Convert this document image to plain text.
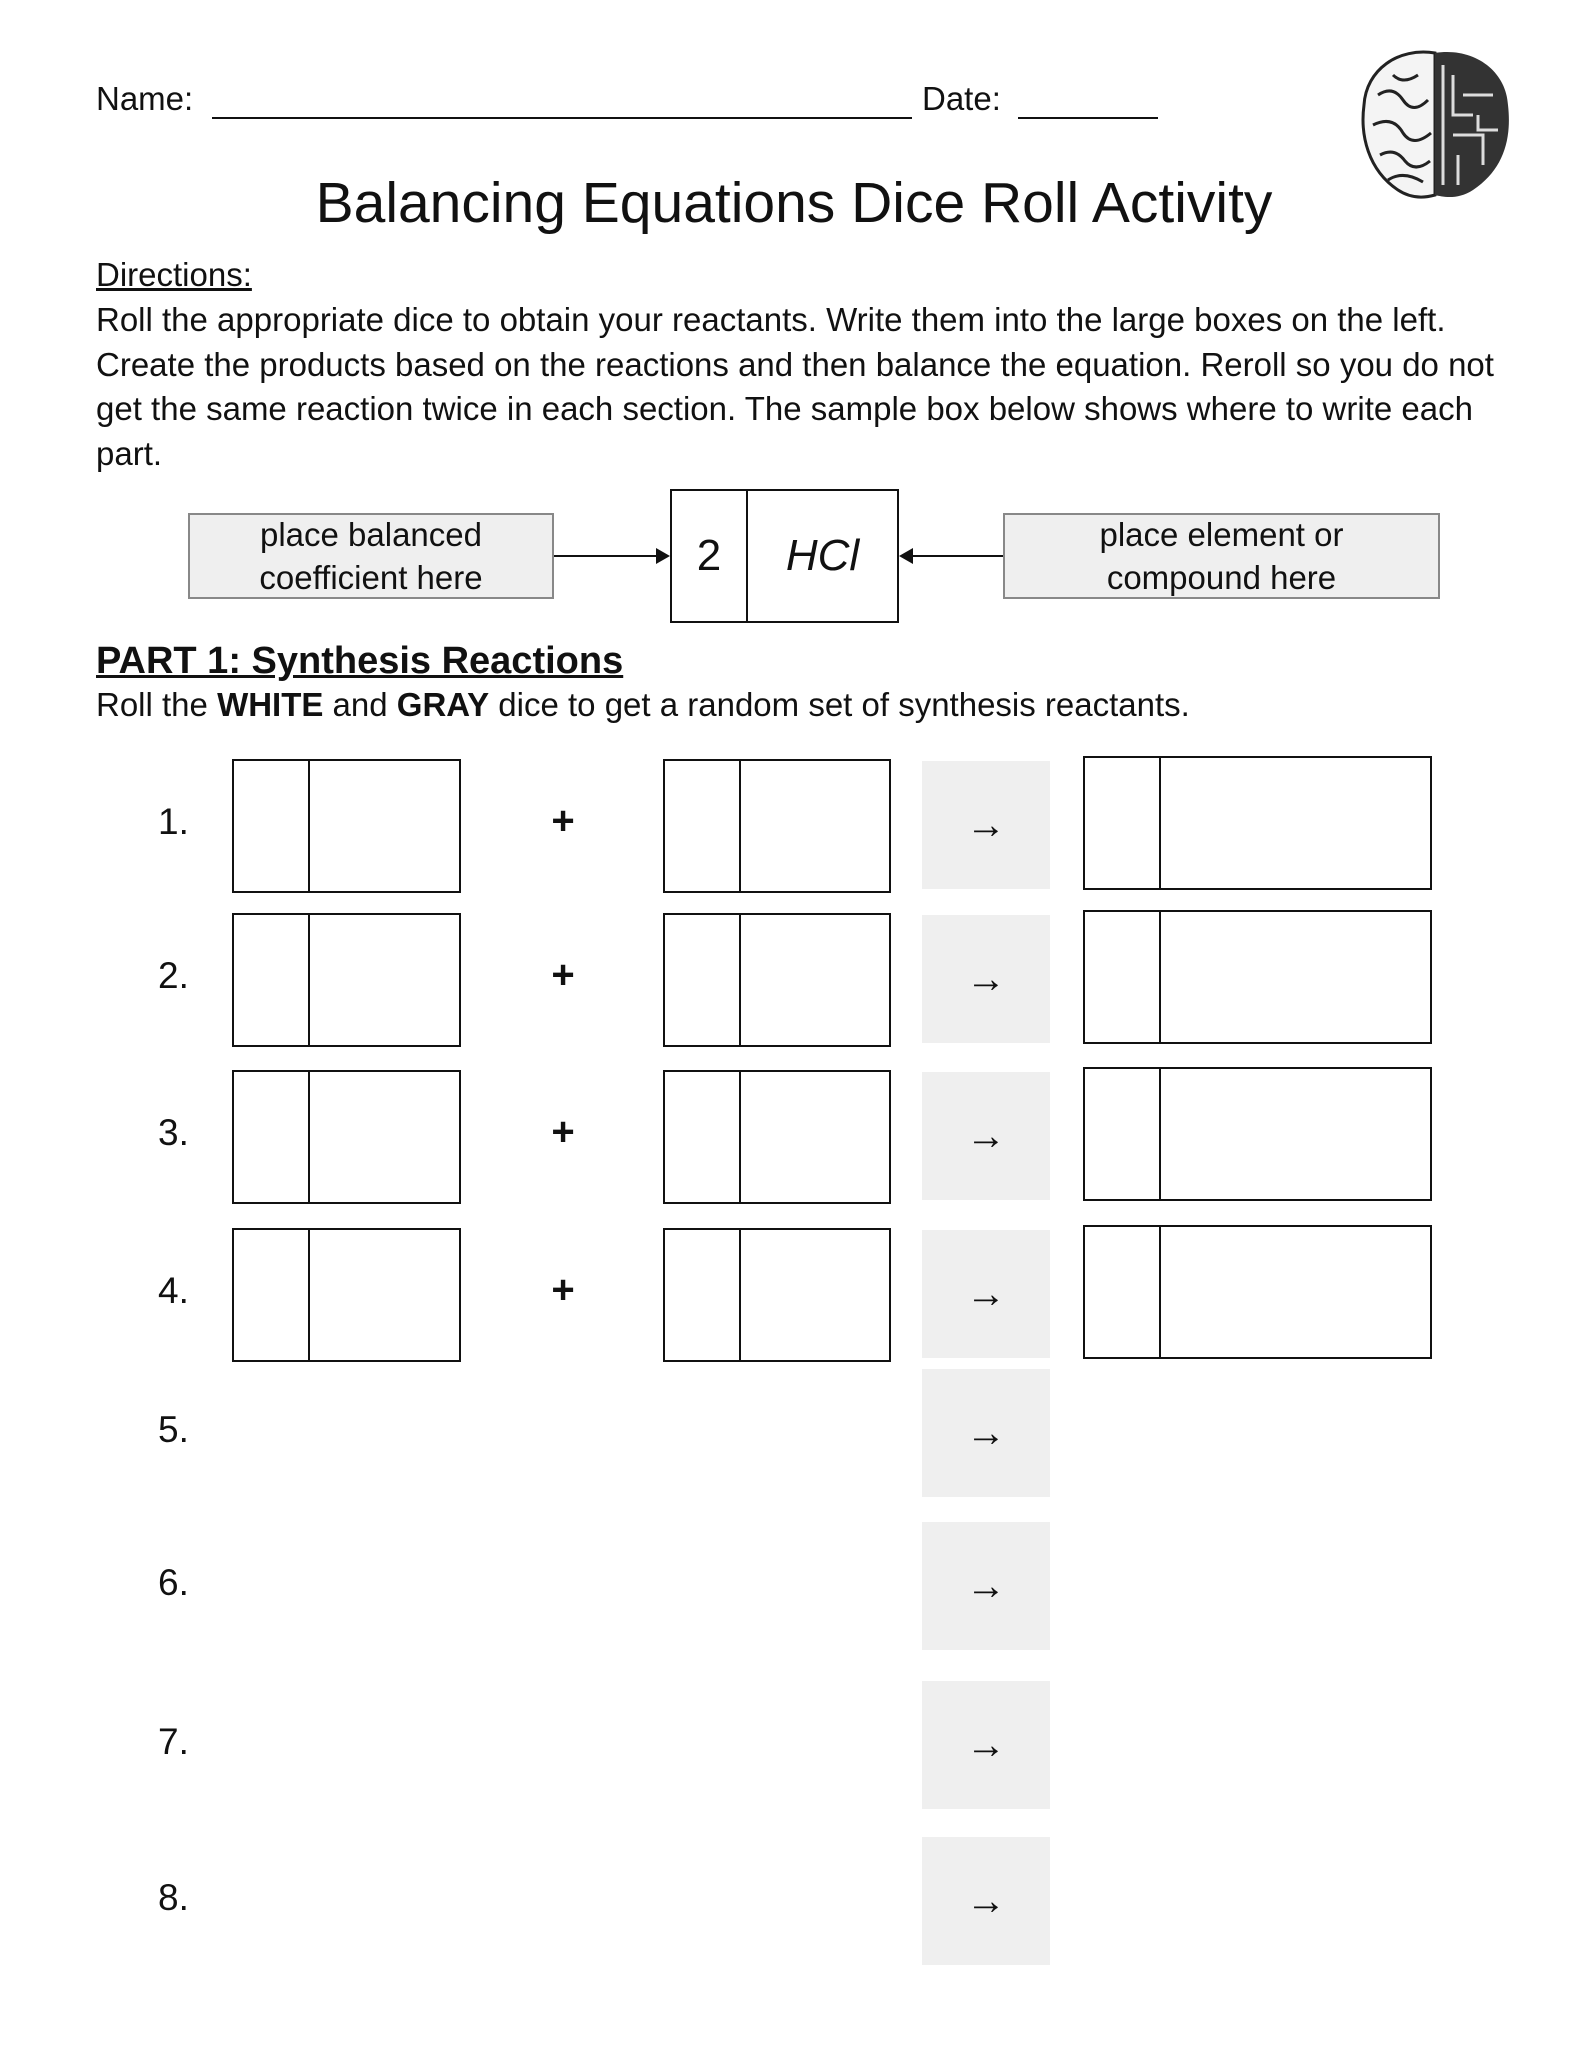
Name:	Date:
Balancing Equations Dice Roll Activity
Directions:
Roll the appropriate dice to obtain your reactants. Write them into the large boxes on the left. Create the products based on the reactions and then balance the equation. Reroll so you do not get the same reaction twice in each section. The sample box below shows where to write each part.
place balanced coefficient here	2	HCl	place element or compound here
PART 1: Synthesis Reactions
Roll the WHITE and GRAY dice to get a random set of synthesis reactants.
1.	+	→
2.	+	→
3.	+	→
4.	+	→
5.	→
6.	→
7.	→
8.	→
